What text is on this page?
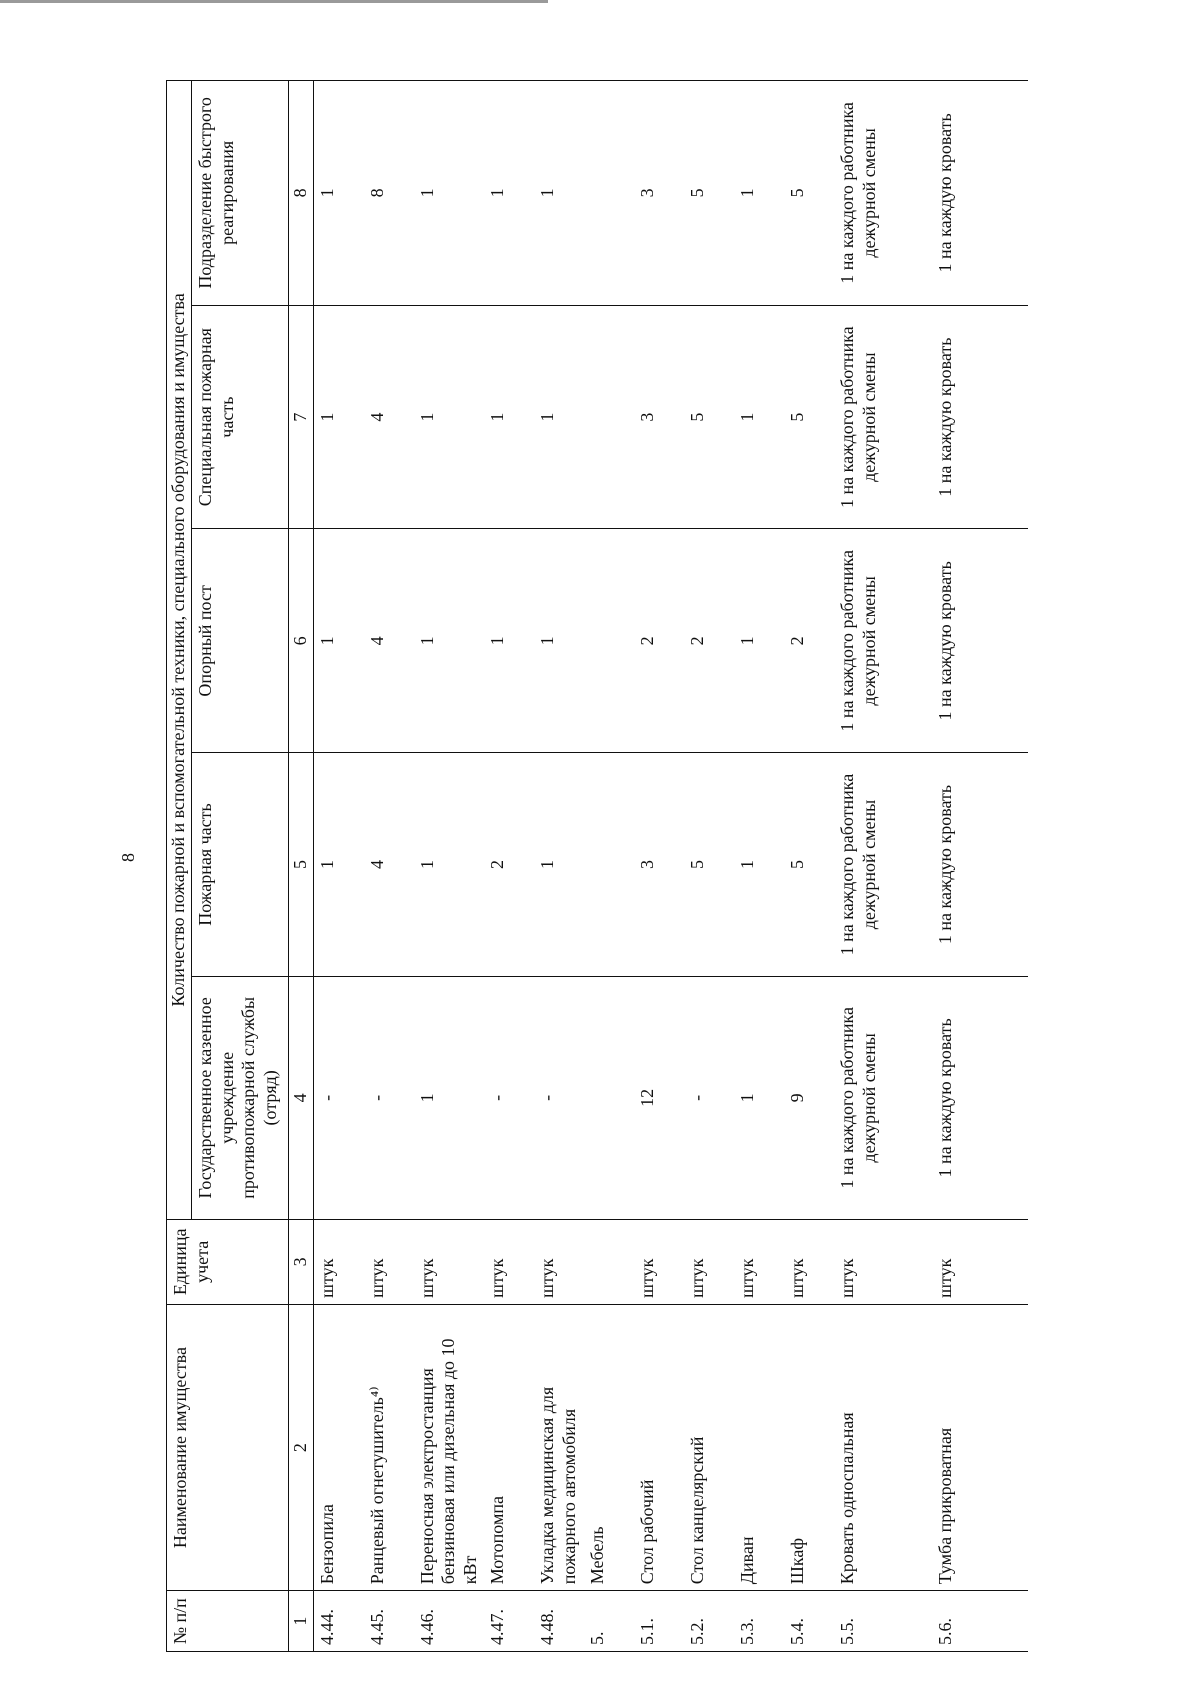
8
№ п/п	Наименование имущества	Единица учета	Количество пожарной и вспомогательной техники, специального оборудования и имущества				
			Государственное казенное учреждение противопожарной службы (отряд)	Пожарная часть	Опорный пост	Специальная пожарная часть	Подразделение быстрого реагирования
1	2	3	4	5	6	7	8
4.44.	Бензопила	штук	-	1	1	1	1
4.45.	Ранцевый огнетушитель⁴⁾	штук	-	4	4	4	8
4.46.	Переносная электростанция бензиновая или дизельная до 10 кВт	штук	1	1	1	1	1
4.47.	Мотопомпа	штук	-	2	1	1	1
4.48.	Укладка медицинская для пожарного автомобиля	штук	-	1	1	1	1
5.	Мебель						
5.1.	Стол рабочий	штук	12	3	2	3	3
5.2.	Стол канцелярский	штук	-	5	2	5	5
5.3.	Диван	штук	1	1	1	1	1
5.4.	Шкаф	штук	9	5	2	5	5
5.5.	Кровать односпальная	штук	1 на каждого работника дежурной смены	1 на каждого работника дежурной смены	1 на каждого работника дежурной смены	1 на каждого работника дежурной смены	1 на каждого работника дежурной смены
5.6.	Тумба прикроватная	штук	1 на каждую кровать	1 на каждую кровать	1 на каждую кровать	1 на каждую кровать	1 на каждую кровать
